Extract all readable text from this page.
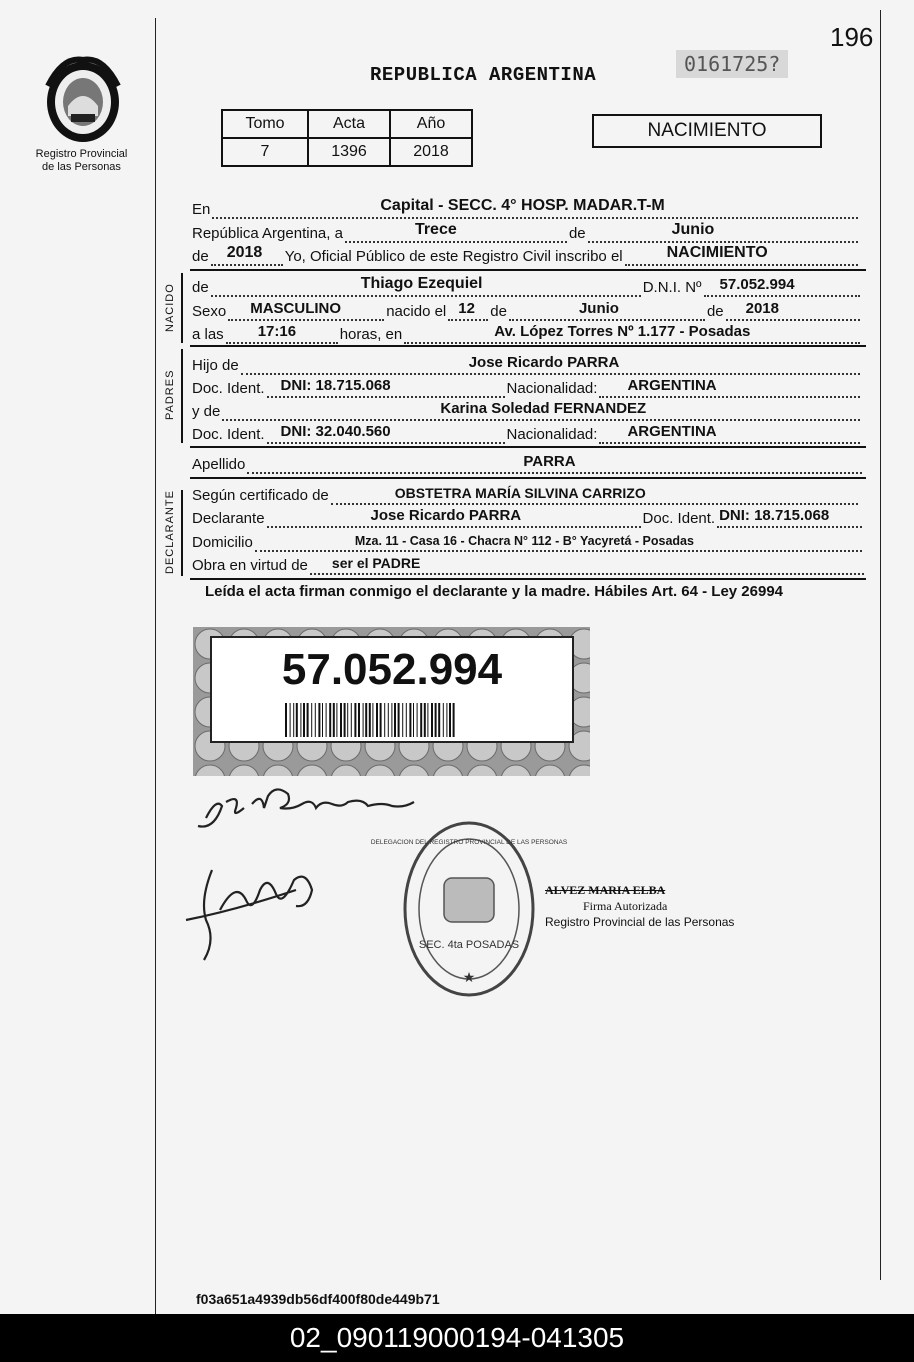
196
0161725?
REPUBLICA ARGENTINA
Registro Provincial
de las Personas
Tomo	Acta	Año
7	1396	2018
NACIMIENTO
En	Capital - SECC. 4° HOSP. MADAR.T-M
República Argentina, a	Trece	de	Junio
de 2018 Yo, Oficial Público de este Registro Civil inscribo el	NACIMIENTO
NACIDO de	Thiago Ezequiel	D.N.I. Nº 57.052.994
Sexo MASCULINO	nacido el 12 de	Junio	de 2018
a las 17:16	horas, en	Av. López Torres Nº 1.177 - Posadas
PADRES
Hijo de	Jose Ricardo PARRA
Doc. Ident. DNI: 18.715.068	Nacionalidad: ARGENTINA
y de	Karina Soledad FERNANDEZ
Doc. Ident. DNI: 32.040.560	Nacionalidad: ARGENTINA
Apellido	PARRA
DECLARANTE Según certificado de	OBSTETRA MARÍA SILVINA CARRIZO
Declarante	Jose Ricardo PARRA	Doc. Ident. DNI: 18.715.068
Domicilio	Mza. 11 - Casa 16 - Chacra N° 112 - B° Yacyretá - Posadas
Obra en virtud de ser el PADRE
Leída el acta firman conmigo el declarante y la madre. Hábiles Art. 64 - Ley 26994
57.052.994
SEC. 4ta POSADAS
★
DELEGACION DEL REGISTRO PROVINCIAL DE LAS PERSONAS
ALVEZ MARIA ELBA
Firma Autorizada
Registro Provincial de las Personas
f03a651a4939db56df400f80de449b71
02_090119000194-041305
